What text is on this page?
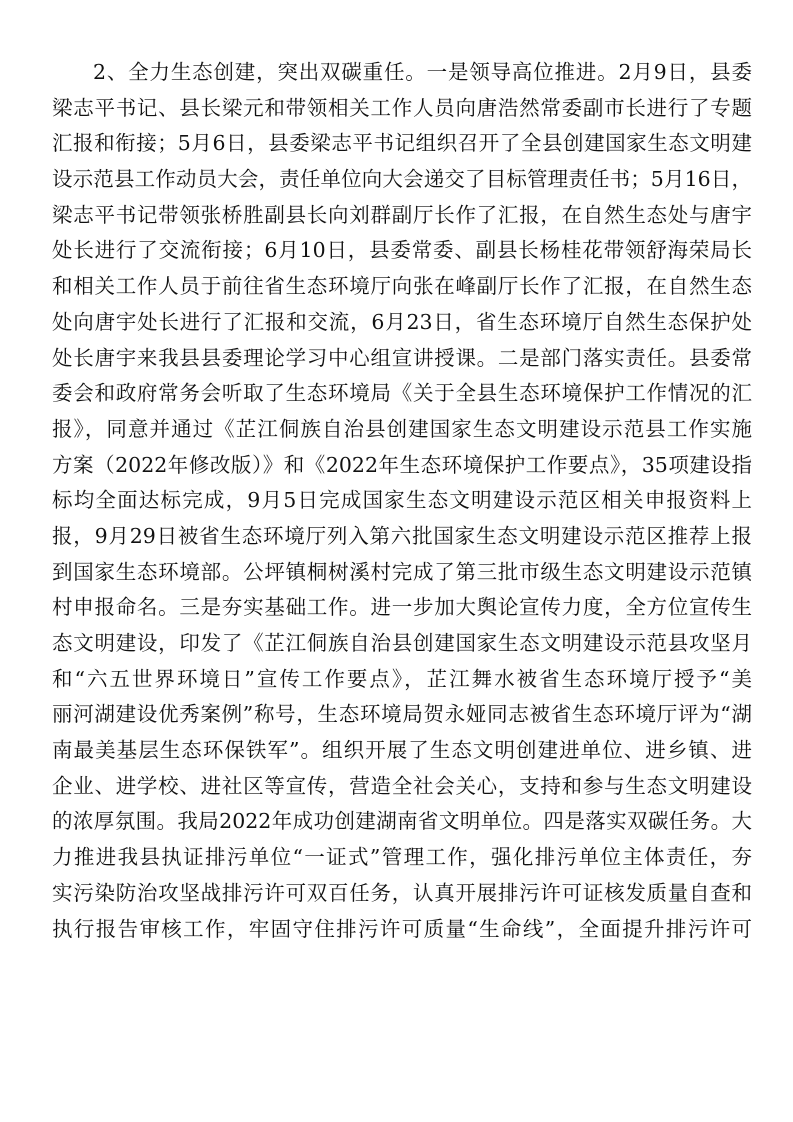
2、全力生态创建，突出双碳重任。一是领导高位推进。2月9日，县委
梁志平书记、县长梁元和带领相关工作人员向唐浩然常委副市长进行了专题
汇报和衔接；5月6日，县委梁志平书记组织召开了全县创建国家生态文明建
设示范县工作动员大会，责任单位向大会递交了目标管理责任书；5月16日，
梁志平书记带领张桥胜副县长向刘群副厅长作了汇报，在自然生态处与唐宇
处长进行了交流衔接；6月10日，县委常委、副县长杨桂花带领舒海荣局长
和相关工作人员于前往省生态环境厅向张在峰副厅长作了汇报，在自然生态
处向唐宇处长进行了汇报和交流，6月23日，省生态环境厅自然生态保护处
处长唐宇来我县县委理论学习中心组宣讲授课。二是部门落实责任。县委常
委会和政府常务会听取了生态环境局《关于全县生态环境保护工作情况的汇
报》，同意并通过《芷江侗族自治县创建国家生态文明建设示范县工作实施
方案（2022年修改版）》和《2022年生态环境保护工作要点》，35项建设指
标均全面达标完成，9月5日完成国家生态文明建设示范区相关申报资料上
报，9月29日被省生态环境厅列入第六批国家生态文明建设示范区推荐上报
到国家生态环境部。公坪镇桐树溪村完成了第三批市级生态文明建设示范镇
村申报命名。三是夯实基础工作。进一步加大舆论宣传力度，全方位宣传生
态文明建设，印发了《芷江侗族自治县创建国家生态文明建设示范县攻坚月
和“六五世界环境日”宣传工作要点》，芷江舞水被省生态环境厅授予“美
丽河湖建设优秀案例”称号，生态环境局贺永娅同志被省生态环境厅评为“湖
南最美基层生态环保铁军”。组织开展了生态文明创建进单位、进乡镇、进
企业、进学校、进社区等宣传，营造全社会关心，支持和参与生态文明建设
的浓厚氛围。我局2022年成功创建湖南省文明单位。四是落实双碳任务。大
力推进我县执证排污单位“一证式”管理工作，强化排污单位主体责任，夯
实污染防治攻坚战排污许可双百任务，认真开展排污许可证核发质量自查和
执行报告审核工作，牢固守住排污许可质量“生命线”，全面提升排污许可
